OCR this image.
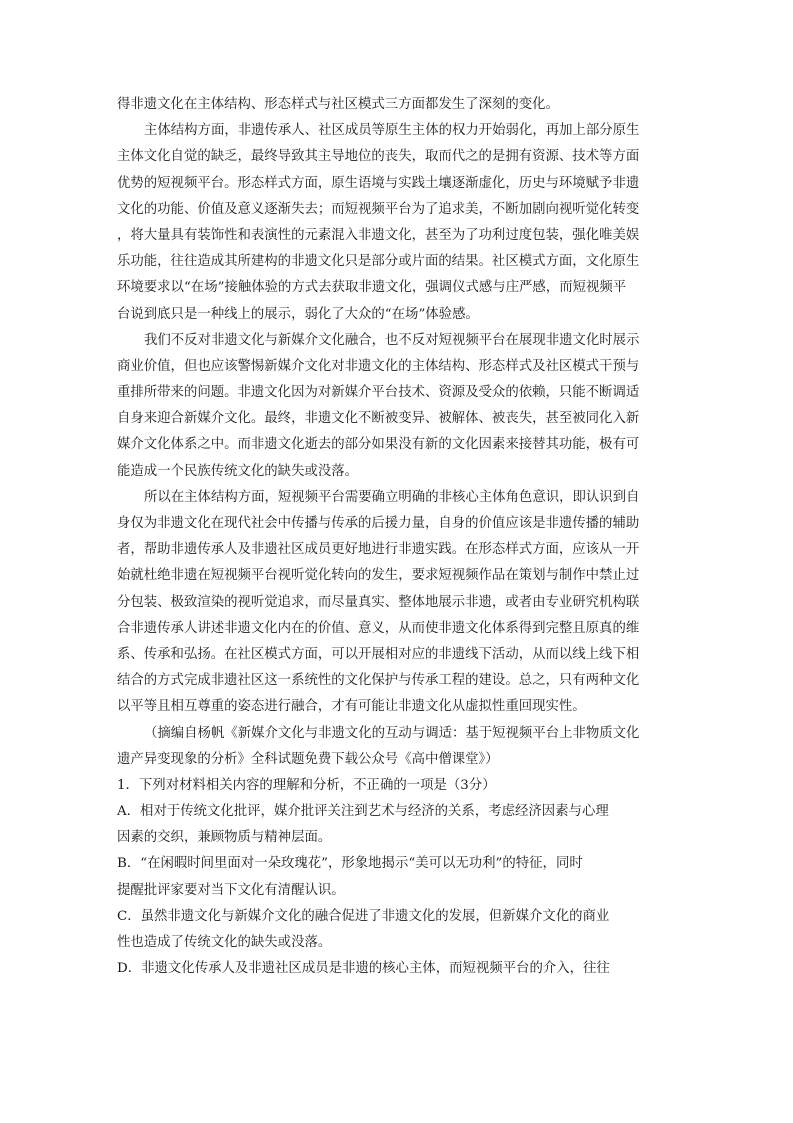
得非遗文化在主体结构、形态样式与社区模式三方面都发生了深刻的变化。
主体结构方面，非遗传承人、社区成员等原生主体的权力开始弱化，再加上部分原生
主体文化自觉的缺乏，最终导致其主导地位的丧失，取而代之的是拥有资源、技术等方面
优势的短视频平台。形态样式方面，原生语境与实践土壤逐渐虚化，历史与环境赋予非遗
文化的功能、价值及意义逐渐失去；而短视频平台为了追求美，不断加剧向视听觉化转变
，将大量具有装饰性和表演性的元素混入非遗文化，甚至为了功利过度包装，强化唯美娱
乐功能，往往造成其所建构的非遗文化只是部分或片面的结果。社区模式方面，文化原生
环境要求以“在场”接触体验的方式去获取非遗文化，强调仪式感与庄严感，而短视频平
台说到底只是一种线上的展示，弱化了大众的“在场”体验感。
我们不反对非遗文化与新媒介文化融合，也不反对短视频平台在展现非遗文化时展示
商业价值，但也应该警惕新媒介文化对非遗文化的主体结构、形态样式及社区模式干预与
重排所带来的问题。非遗文化因为对新媒介平台技术、资源及受众的依赖，只能不断调适
自身来迎合新媒介文化。最终，非遗文化不断被变异、被解体、被丧失，甚至被同化入新
媒介文化体系之中。而非遗文化逝去的部分如果没有新的文化因素来接替其功能，极有可
能造成一个民族传统文化的缺失或没落。
所以在主体结构方面，短视频平台需要确立明确的非核心主体角色意识，即认识到自
身仅为非遗文化在现代社会中传播与传承的后援力量，自身的价值应该是非遗传播的辅助
者，帮助非遗传承人及非遗社区成员更好地进行非遗实践。在形态样式方面，应该从一开
始就杜绝非遗在短视频平台视听觉化转向的发生，要求短视频作品在策划与制作中禁止过
分包装、极致渲染的视听觉追求，而尽量真实、整体地展示非遗，或者由专业研究机构联
合非遗传承人讲述非遗文化内在的价值、意义，从而使非遗文化体系得到完整且原真的维
系、传承和弘扬。在社区模式方面，可以开展相对应的非遗线下活动，从而以线上线下相
结合的方式完成非遗社区这一系统性的文化保护与传承工程的建设。总之，只有两种文化
以平等且相互尊重的姿态进行融合，才有可能让非遗文化从虚拟性重回现实性。
（摘编自杨帆《新媒介文化与非遗文化的互动与调适：基于短视频平台上非物质文化
遗产异变现象的分析》全科试题免费下载公众号《高中僧课堂》）
1．下列对材料相关内容的理解和分析，不正确的一项是（3分）
A．相对于传统文化批评，媒介批评关注到艺术与经济的关系，考虑经济因素与心理
因素的交织，兼顾物质与精神层面。
B．“在闲暇时间里面对一朵玫瑰花”，形象地揭示“美可以无功利”的特征，同时
提醒批评家要对当下文化有清醒认识。
C．虽然非遗文化与新媒介文化的融合促进了非遗文化的发展，但新媒介文化的商业
性也造成了传统文化的缺失或没落。
D．非遗文化传承人及非遗社区成员是非遗的核心主体，而短视频平台的介入，往往
